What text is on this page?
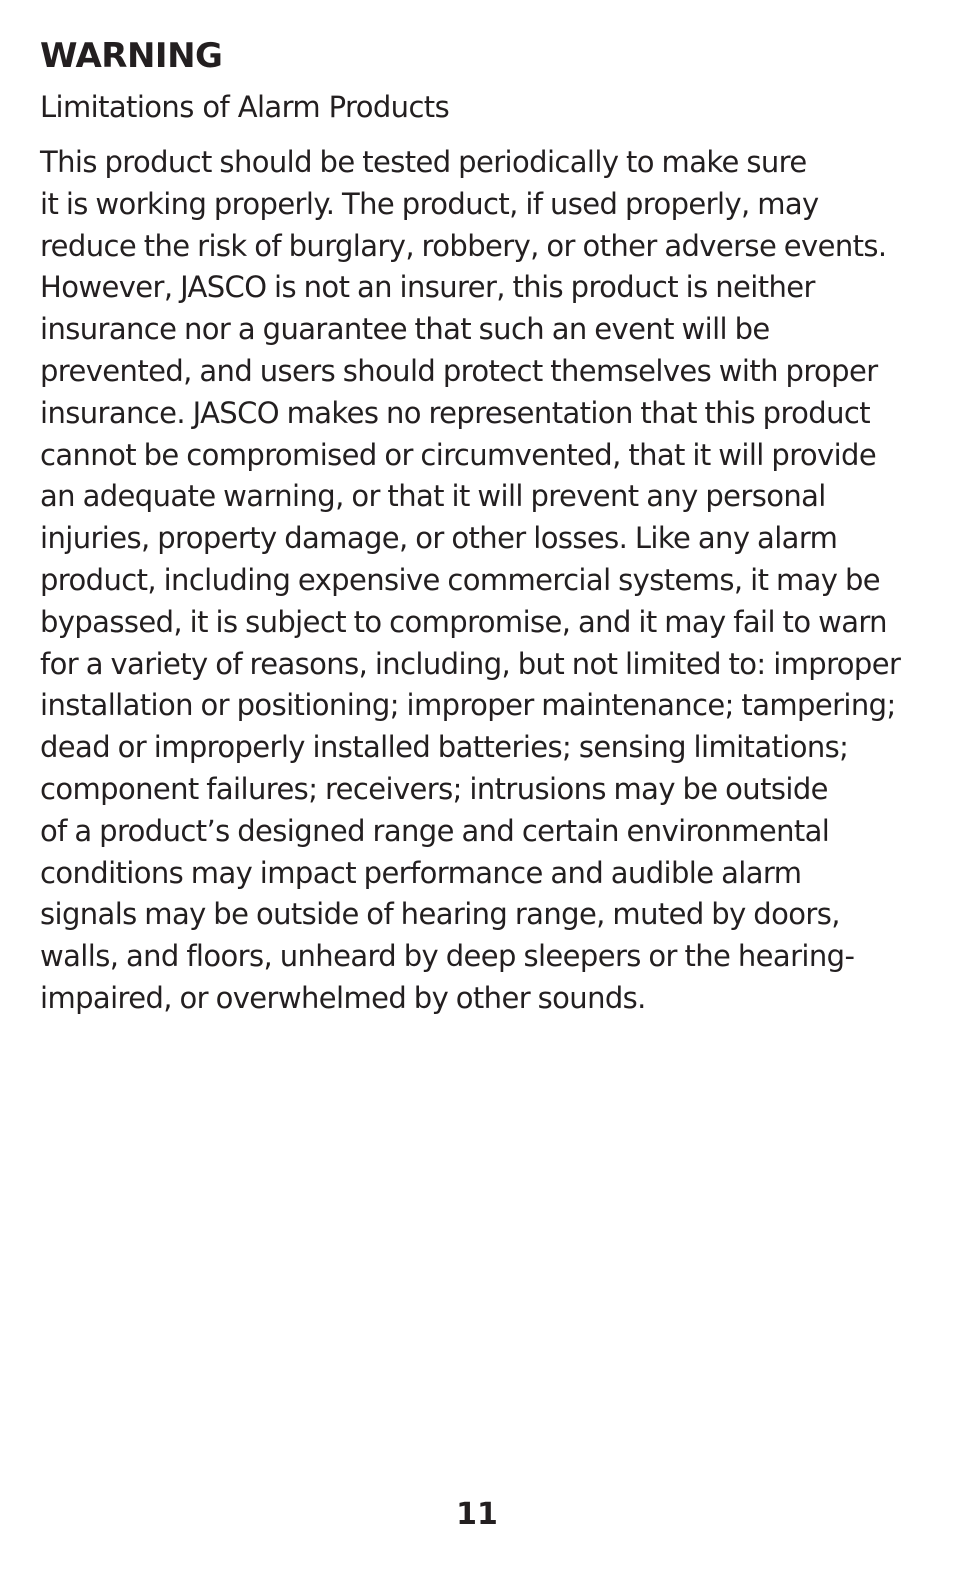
WARNING
Limitations of Alarm Products

This product should be tested periodically to make sure
it is working properly. The product, if used properly, may
reduce the risk of burglary, robbery, or other adverse events.
However, JASCO is not an insurer, this product is neither
insurance nor a guarantee that such an event will be
prevented, and users should protect themselves with proper
insurance. JASCO makes no representation that this product
cannot be compromised or circumvented, that it will provide
an adequate warning, or that it will prevent any personal
injuries, property damage, or other losses. Like any alarm
product, including expensive commercial systems, it may be
bypassed, it is subject to compromise, and it may fail to warn
for a variety of reasons, including, but not limited to: improper
installation or positioning; improper maintenance; tampering;
dead or improperly installed batteries; sensing limitations;
component failures; receivers; intrusions may be outside
of a product’s designed range and certain environmental
conditions may impact performance and audible alarm
signals may be outside of hearing range, muted by doors,
walls, and floors, unheard by deep sleepers or the hearing-
impaired, or overwhelmed by other sounds.

11
